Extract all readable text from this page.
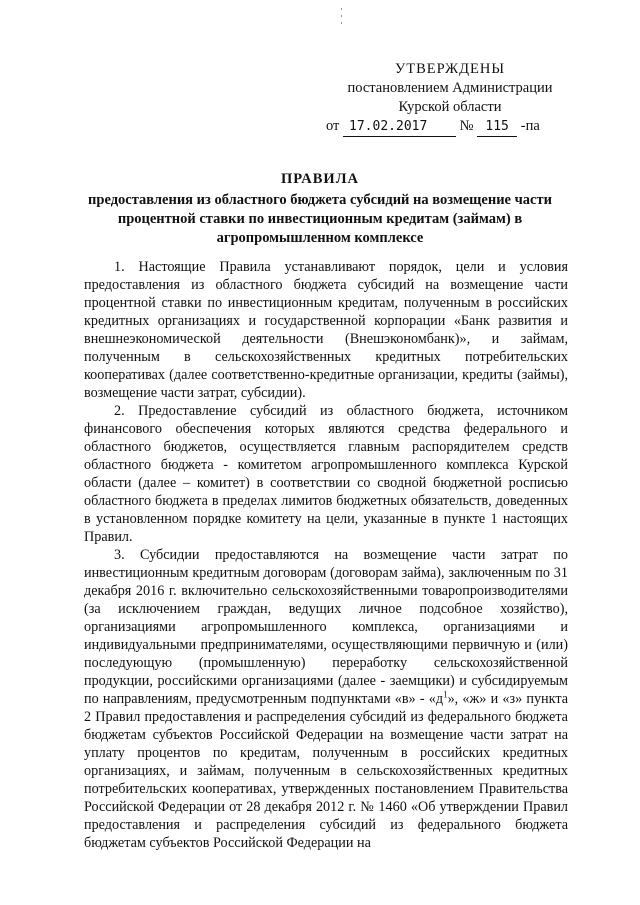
УТВЕРЖДЕНЫ
постановлением Администрации
Курской области
от 17.02.2017 № 115 -па
ПРАВИЛА
предоставления из областного бюджета субсидий на возмещение части процентной ставки по инвестиционным кредитам (займам) в агропромышленном комплексе

1. Настоящие Правила устанавливают порядок, цели и условия предоставления из областного бюджета субсидий на возмещение части процентной ставки по инвестиционным кредитам, полученным в российских кредитных организациях и государственной корпорации «Банк развития и внешнеэкономической деятельности (Внешэкономбанк)», и займам, полученным в сельскохозяйственных кредитных потребительских кооперативах (далее соответственно-кредитные организации, кредиты (займы), возмещение части затрат, субсидии).

2. Предоставление субсидий из областного бюджета, источником финансового обеспечения которых являются средства федерального и областного бюджетов, осуществляется главным распорядителем средств областного бюджета - комитетом агропромышленного комплекса Курской области (далее – комитет) в соответствии со сводной бюджетной росписью областного бюджета в пределах лимитов бюджетных обязательств, доведенных в установленном порядке комитету на цели, указанные в пункте 1 настоящих Правил.

3. Субсидии предоставляются на возмещение части затрат по инвестиционным кредитным договорам (договорам займа), заключенным по 31 декабря 2016 г. включительно сельскохозяйственными товаропроизводителями (за исключением граждан, ведущих личное подсобное хозяйство), организациями агропромышленного комплекса, организациями и индивидуальными предпринимателями, осуществляющими первичную и (или) последующую (промышленную) переработку сельскохозяйственной продукции, российскими организациями (далее - заемщики) и субсидируемым по направлениям, предусмотренным подпунктами «в» - «$д^1$», «ж» и «з» пункта 2 Правил предоставления и распределения субсидий из федерального бюджета бюджетам субъектов Российской Федерации на возмещение части затрат на уплату процентов по кредитам, полученным в российских кредитных организациях, и займам, полученным в сельскохозяйственных кредитных потребительских кооперативах, утвержденных постановлением Правительства Российской Федерации от 28 декабря 2012 г. № 1460 «Об утверждении Правил предоставления и распределения субсидий из федерального бюджета бюджетам субъектов Российской Федерации на
